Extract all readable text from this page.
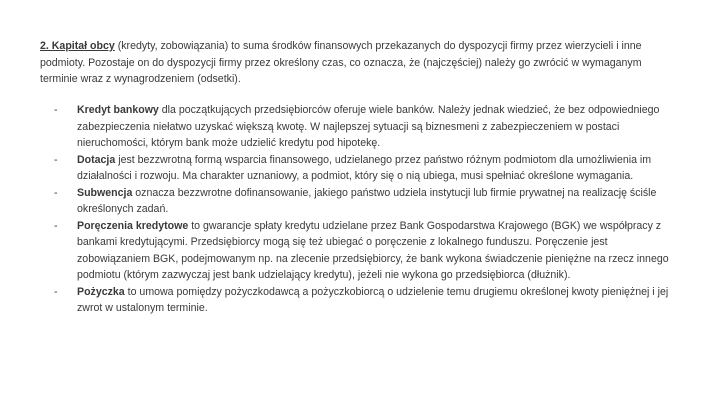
2. Kapitał obcy (kredyty, zobowiązania) to suma środków finansowych przekazanych do dyspozycji firmy przez wierzycieli i inne podmioty. Pozostaje on do dyspozycji firmy przez określony czas, co oznacza, że (najczęściej) należy go zwrócić w wymaganym terminie wraz z wynagrodzeniem (odsetki).

-	Kredyt bankowy dla początkujących przedsiębiorców oferuje wiele banków. Należy jednak wiedzieć, że bez odpowiedniego zabezpieczenia niełatwo uzyskać większą kwotę. W najlepszej sytuacji są biznesmeni z zabezpieczeniem w postaci nieruchomości, którym bank może udzielić kredytu pod hipotekę.
-	Dotacja jest bezzwrotną formą wsparcia finansowego, udzielanego przez państwo różnym podmiotom dla umożliwienia im działalności i rozwoju. Ma charakter uznaniowy, a podmiot, który się o nią ubiega, musi spełniać określone wymagania.
-	Subwencja oznacza bezzwrotne dofinansowanie, jakiego państwo udziela instytucji lub firmie prywatnej na realizację ściśle określonych zadań.
-	Poręczenia kredytowe to gwarancje spłaty kredytu udzielane przez Bank Gospodarstwa Krajowego (BGK) we współpracy z bankami kredytującymi. Przedsiębiorcy mogą się też ubiegać o poręczenie z lokalnego funduszu. Poręczenie jest zobowiązaniem BGK, podejmowanym np. na zlecenie przedsiębiorcy, że bank wykona świadczenie pieniężne na rzecz innego podmiotu (którym zazwyczaj jest bank udzielający kredytu), jeżeli nie wykona go przedsiębiorca (dłużnik).
-	Pożyczka to umowa pomiędzy pożyczkodawcą a pożyczkobiorcą o udzielenie temu drugiemu określonej kwoty pieniężnej i jej zwrot w ustalonym terminie.
